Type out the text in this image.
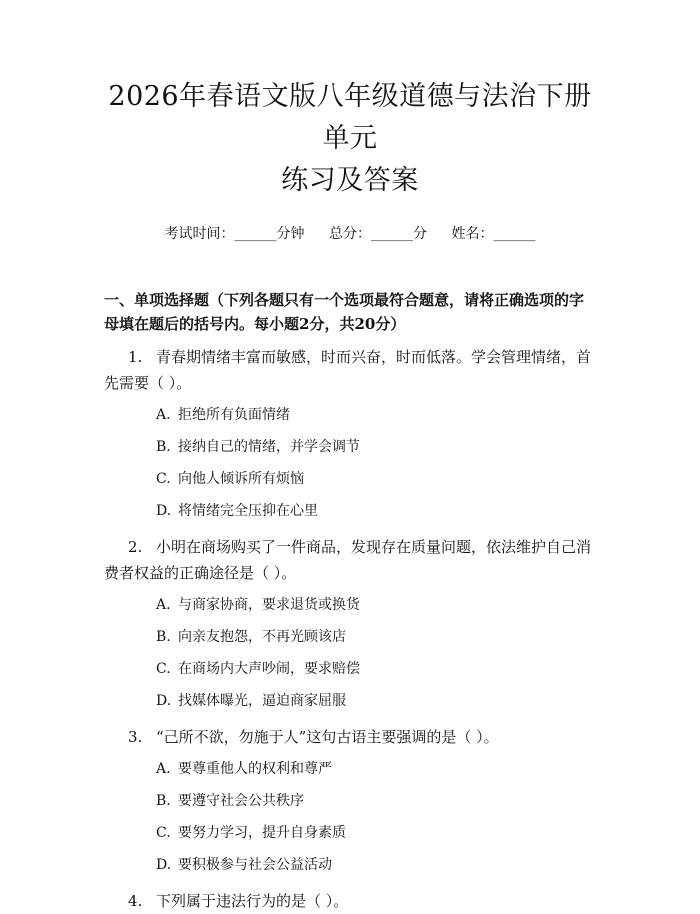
2026年春语文版八年级道德与法治下册单元
练习及答案
考试时间：______分钟 总分：______分 姓名：______
一、单项选择题（下列各题只有一个选项最符合题意，请将正确选项的字母填在题后的括号内。每小题2分，共20分）
1. 青春期情绪丰富而敏感，时而兴奋，时而低落。学会管理情绪，首先需要（ ）。
A. 拒绝所有负面情绪
B. 接纳自己的情绪，并学会调节
C. 向他人倾诉所有烦恼
D. 将情绪完全压抑在心里
2. 小明在商场购买了一件商品，发现存在质量问题，依法维护自己消费者权益的正确途径是（ ）。
A. 与商家协商，要求退货或换货
B. 向亲友抱怨，不再光顾该店
C. 在商场内大声吵闹，要求赔偿
D. 找媒体曝光，逼迫商家屈服
3. “己所不欲，勿施于人”这句古语主要强调的是（ ）。
A. 要尊重他人的权利和尊严
B. 要遵守社会公共秩序
C. 要努力学习，提升自身素质
D. 要积极参与社会公益活动
4. 下列属于违法行为的是（ ）。
